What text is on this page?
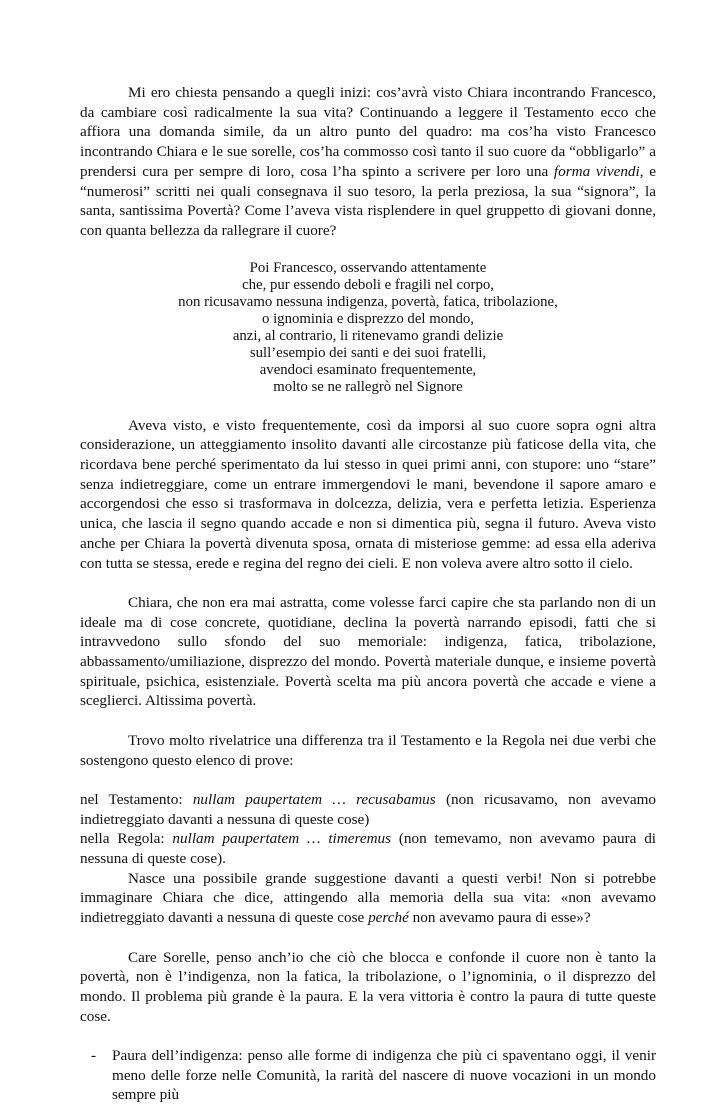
Mi ero chiesta pensando a quegli inizi: cos’avrà visto Chiara incontrando Francesco, da cambiare così radicalmente la sua vita? Continuando a leggere il Testamento ecco che affiora una domanda simile, da un altro punto del quadro: ma cos’ha visto Francesco incontrando Chiara e le sue sorelle, cos’ha commosso così tanto il suo cuore da “obbligarlo” a prendersi cura per sempre di loro, cosa l’ha spinto a scrivere per loro una forma vivendi, e “numerosi” scritti nei quali consegnava il suo tesoro, la perla preziosa, la sua “signora”, la santa, santissima Povertà? Come l’aveva vista risplendere in quel gruppetto di giovani donne, con quanta bellezza da rallegrare il cuore?

Poi Francesco, osservando attentamente
che, pur essendo deboli e fragili nel corpo,
non ricusavamo nessuna indigenza, povertà, fatica, tribolazione,
o ignominia e disprezzo del mondo,
anzi, al contrario, li ritenevamo grandi delizie
sull’esempio dei santi e dei suoi fratelli,
avendoci esaminato frequentemente,
molto se ne rallegrò nel Signore

Aveva visto, e visto frequentemente, così da imporsi al suo cuore sopra ogni altra considerazione, un atteggiamento insolito davanti alle circostanze più faticose della vita, che ricordava bene perché sperimentato da lui stesso in quei primi anni, con stupore: uno “stare” senza indietreggiare, come un entrare immergendovi le mani, bevendone il sapore amaro e accorgendosi che esso si trasformava in dolcezza, delizia, vera e perfetta letizia. Esperienza unica, che lascia il segno quando accade e non si dimentica più, segna il futuro. Aveva visto anche per Chiara la povertà divenuta sposa, ornata di misteriose gemme: ad essa ella aderiva con tutta se stessa, erede e regina del regno dei cieli. E non voleva avere altro sotto il cielo.

Chiara, che non era mai astratta, come volesse farci capire che sta parlando non di un ideale ma di cose concrete, quotidiane, declina la povertà narrando episodi, fatti che si intravvedono sullo sfondo del suo memoriale: indigenza, fatica, tribolazione, abbassamento/umiliazione, disprezzo del mondo. Povertà materiale dunque, e insieme povertà spirituale, psichica, esistenziale. Povertà scelta ma più ancora povertà che accade e viene a sceglierci. Altissima povertà.

Trovo molto rivelatrice una differenza tra il Testamento e la Regola nei due verbi che sostengono questo elenco di prove:

nel Testamento: nullam paupertatem … recusabamus (non ricusavamo, non avevamo indietreggiato davanti a nessuna di queste cose)

nella Regola: nullam paupertatem … timeremus (non temevamo, non avevamo paura di nessuna di queste cose).

Nasce una possibile grande suggestione davanti a questi verbi! Non si potrebbe immaginare Chiara che dice, attingendo alla memoria della sua vita: «non avevamo indietreggiato davanti a nessuna di queste cose perché non avevamo paura di esse»?

Care Sorelle, penso anch’io che ciò che blocca e confonde il cuore non è tanto la povertà, non è l’indigenza, non la fatica, la tribolazione, o l’ignominia, o il disprezzo del mondo. Il problema più grande è la paura. E la vera vittoria è contro la paura di tutte queste cose.

- Paura dell’indigenza: penso alle forme di indigenza che più ci spaventano oggi, il venir meno delle forze nelle Comunità, la rarità del nascere di nuove vocazioni in un mondo sempre più
